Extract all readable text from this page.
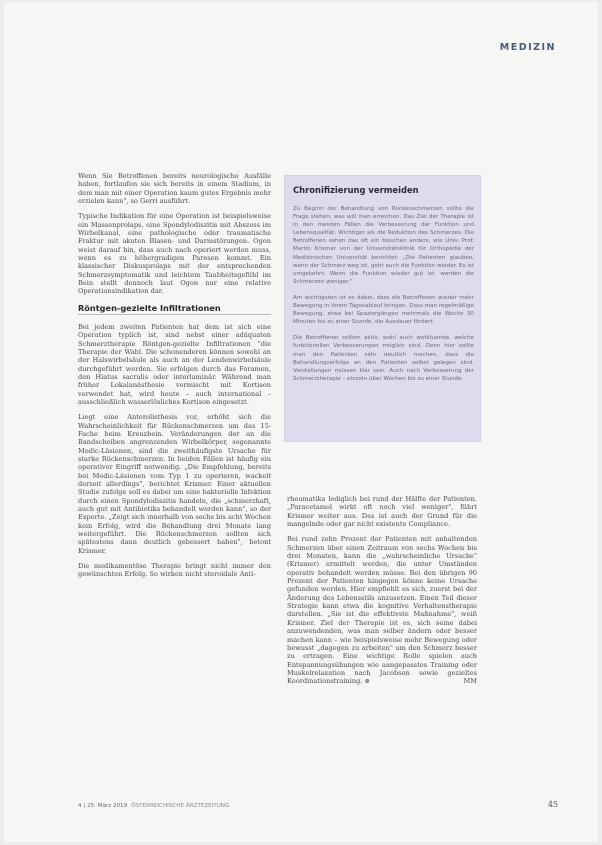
MEDIZIN

Wenn Sie Betroffenen bereits neurologische Ausfälle haben, fortlaufen sie sich bereits in einem Stadium, in dem man mit einer Operation kaum gutes Ergebnis mehr erzielen kann", so Gerri ausführt.

Typische Indikation für eine Operation ist beispielsweise ein Massenprolaps, eine Spondylodiszitis mit Abszess im Wirbelkanal, eine pathologische oder traumatische Fraktur mit akuten Blasen- und Darmstörungen. Ogon weist darauf hin, dass auch nach operiert werden muss, wenn es zu höhergradigen Paresen kommt. Ein klassischer Diskusprolaps mit der entsprechenden Schmerzsymptomatik und leichtem Taubheitsgefühl im Bein stellt dennoch laut Ogon nur eine relative Operationsindikation dar.

Röntgen-gezielte Infiltrationen

Bei jedem zweiten Patienten hat dem ist sich eine Operation typlich ist, sind nebst einer adäquaten Schmerztherapie Röntgen-gezielte Infiltrationen "die Therapie der Wahl. Die schonenderen können sowohl an der Halswirbelsäule als auch an der Lendenwirbelsäule durchgeführt werden. Sie erfolgen durch das Foramen, den Hiatus sacralis oder interlaminär. Während man früher Lokalanästhesie vermischt mit Kortison verwendet hat, wird heute – auch international – ausschließlich wasserlösliches Kortison eingesetzt.

Liegt eine Anterolisthesis vor, erhöht sich die Wahrscheinlichkeit für Rückenschmerzen um das 15-Fache beim Kreuzbein. Veränderungen der an die Bandscheiben angrenzenden Wirbelkörper, sogenannte Modic-Läsionen, sind die zweithäufigste Ursache für starke Rückenschmerzen. In beiden Fällen ist häufig ein operativer Eingriff notwendig. „Die Empfehlung, bereits bei Modic-Läsionen vom Typ 1 zu operieren, wackelt derzeit allerdings", berichtet Krismer. Einer aktuellen Studie zufolge soll es dabei um eine bakterielle Infektion durch einen Spondylodiszitis handeln, die „schmerzhaft, auch gut mit Antibiotika behandelt werden kann", so der Experte. „Zeigt sich innerhalb von sechs bis acht Wochen kein Erfolg, wird die Behandlung drei Monate lang weitergeführt. Die Rückenschmerzen sollten sich spätestens dann deutlich gebessert haben", betont Krismer.

Die medikamentöse Therapie bringt nicht immer den gewünschten Erfolg. So wirken nicht steroidale Anti-

Chronifizierung vermeiden

Zu Beginn der Behandlung von Rückenschmerzen sollte die Frage stehen, was will man erreichen. Das Ziel der Therapie ist in den meisten Fällen die Verbesserung der Funktion und Lebensqualität. Wichtiger als die Reduktion des Schmerzes. Die Betroffenen sehen das oft ein bisschen anders, wie Univ. Prof. Martin Krismer von der Universitätsklinik für Orthopädie der Medizinischen Universität berichtet: „Die Patienten glauben, wenn der Schmerz weg ist, geht auch die Funktion wieder. Es ist umgekehrt: Wenn die Funktion wieder gut ist, werden die Schmerzen weniger."

Am wichtigsten ist es dabei, dass die Betroffenen wieder mehr Bewegung in ihrem Tagesablauf bringen. Dass man regelmäßige Bewegung, etwa bei Spaziergängen mehrmals die Woche 30 Minuten bis zu einer Stunde, die Ausdauer fördert.

Die Betroffenen sollten aktiv, wohl auch wohltuende, welche funktionellen Verbesserungen möglich sind. Denn hier sollte man den Patienten sehr deutlich machen, dass die Behandlungserfolge an den Patienten selbst gelegen sind. Vorstellungen müssen klar sein. Auch nach Verbesserung der Schmerztherapie – einzeln über Wochen bis zu einer Stunde.

rheumatika lediglich bei rund der Hälfte der Patienten. „Paracetamol wirkt oft noch viel weniger", führt Krismer weiter aus. Das ist auch der Grund für die mangelnde oder gar nicht existente Compliance.

Bei rund zehn Prozent der Patienten mit anhaltenden Schmerzen über einen Zeitraum von sechs Wochen bis drei Monaten, kann die „wahrscheinliche Ursache" (Krismer) ermittelt werden, die unter Umständen operativ behandelt werden müsse. Bei den übrigen 90 Prozent der Patienten hingegen könne keine Ursache gefunden werden. Hier empfiehlt es sich, zuerst bei der Änderung des Lebensstils anzusetzen. Einen Teil dieser Strategie kann etwa die kognitive Verhaltenstherapie darstellen. „Sie ist die effektivste Maßnahme", weiß Krismer. Ziel der Therapie ist es, sich seine dabei anzuwendenden, was man selber ändern oder besser machen kann – wie beispielsweise mehr Bewegung oder bewusst „dagegen zu arbeiten" um den Schmerz besser zu ertragen. Eine wichtige Rolle spielen auch Entspannungsübungen wie aangepasstes Training oder Muskelrelaxation nach Jacobson sowie gezieltes Koordinationstraining. ⊛	MM

4 | 25. März 2019 ÖSTERREICHISCHE ÄRZTEZEITUNG	45
